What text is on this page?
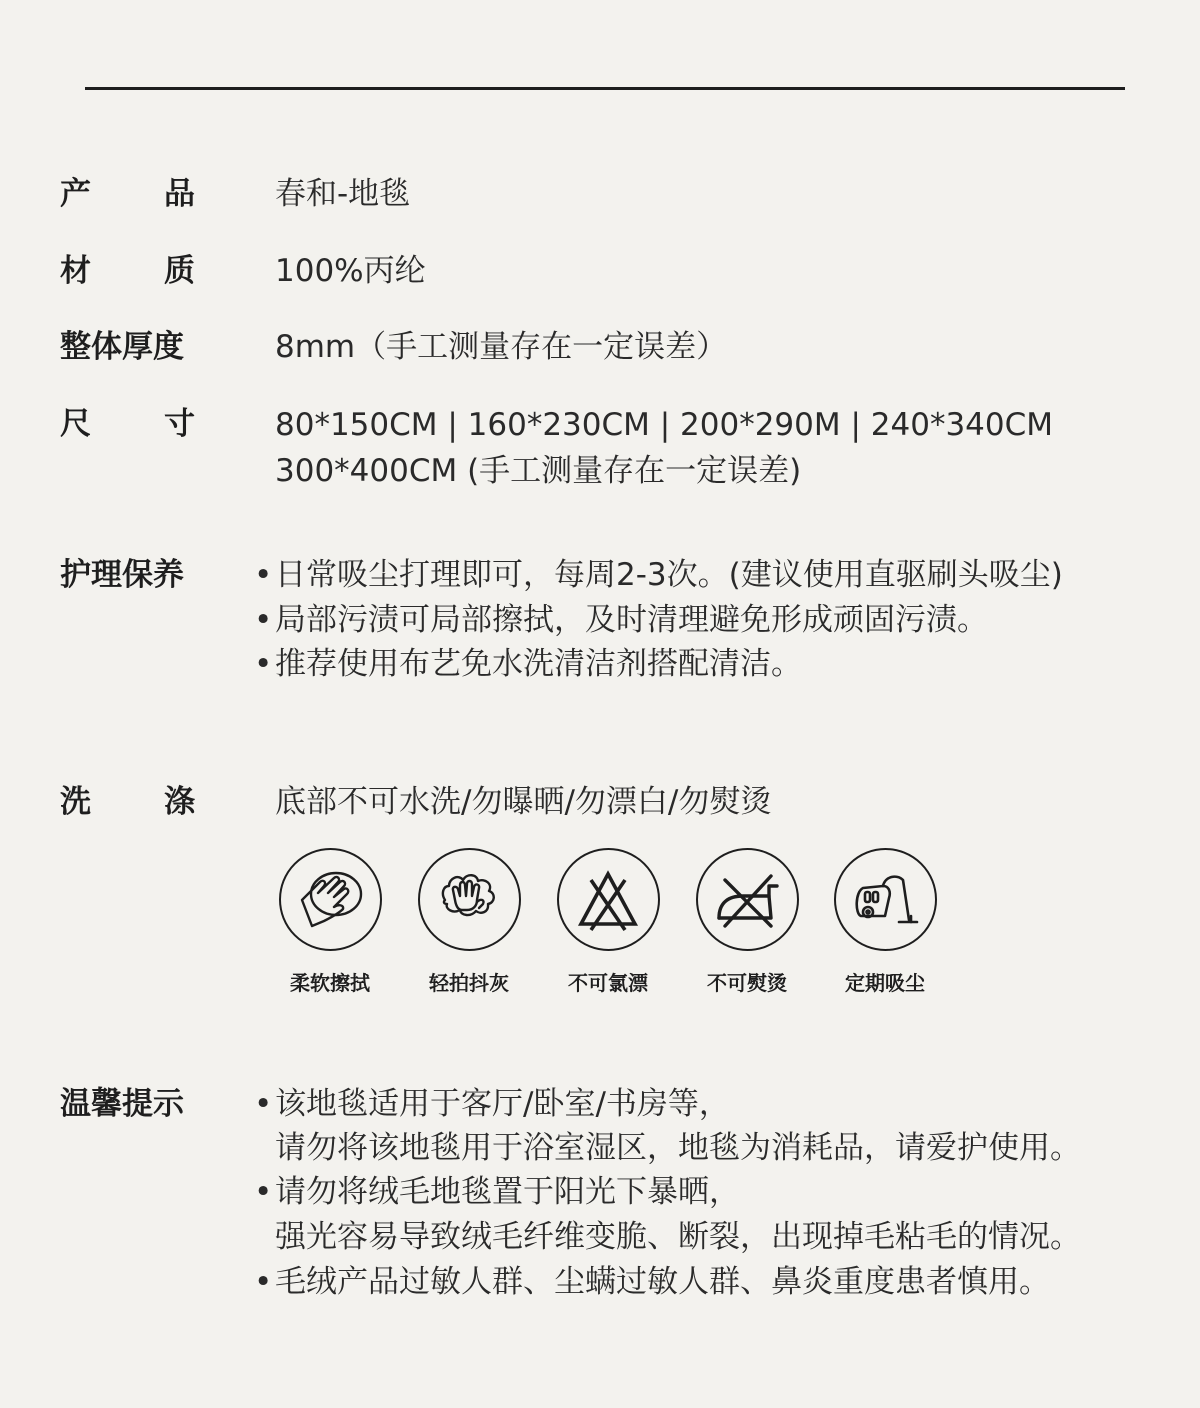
产 品	春和-地毯
材 质	100%丙纶
整体厚度	8mm（手工测量存在一定误差）
尺 寸	80*150CM | 160*230CM | 200*290M | 240*340CM
300*400CM (手工测量存在一定误差)
护理保养	• 日常吸尘打理即可，每周2-3次。(建议使用直驱刷头吸尘)
• 局部污渍可局部擦拭，及时清理避免形成顽固污渍。
• 推荐使用布艺免水洗清洁剂搭配清洁。
洗 涤	底部不可水洗/勿曝晒/勿漂白/勿熨烫
柔软擦拭	轻拍抖灰	不可氯漂	不可熨烫	定期吸尘
温馨提示	• 该地毯适用于客厅/卧室/书房等，
请勿将该地毯用于浴室湿区，地毯为消耗品，请爱护使用。
• 请勿将绒毛地毯置于阳光下暴晒，
强光容易导致绒毛纤维变脆、断裂，出现掉毛粘毛的情况。
• 毛绒产品过敏人群、尘螨过敏人群、鼻炎重度患者慎用。
